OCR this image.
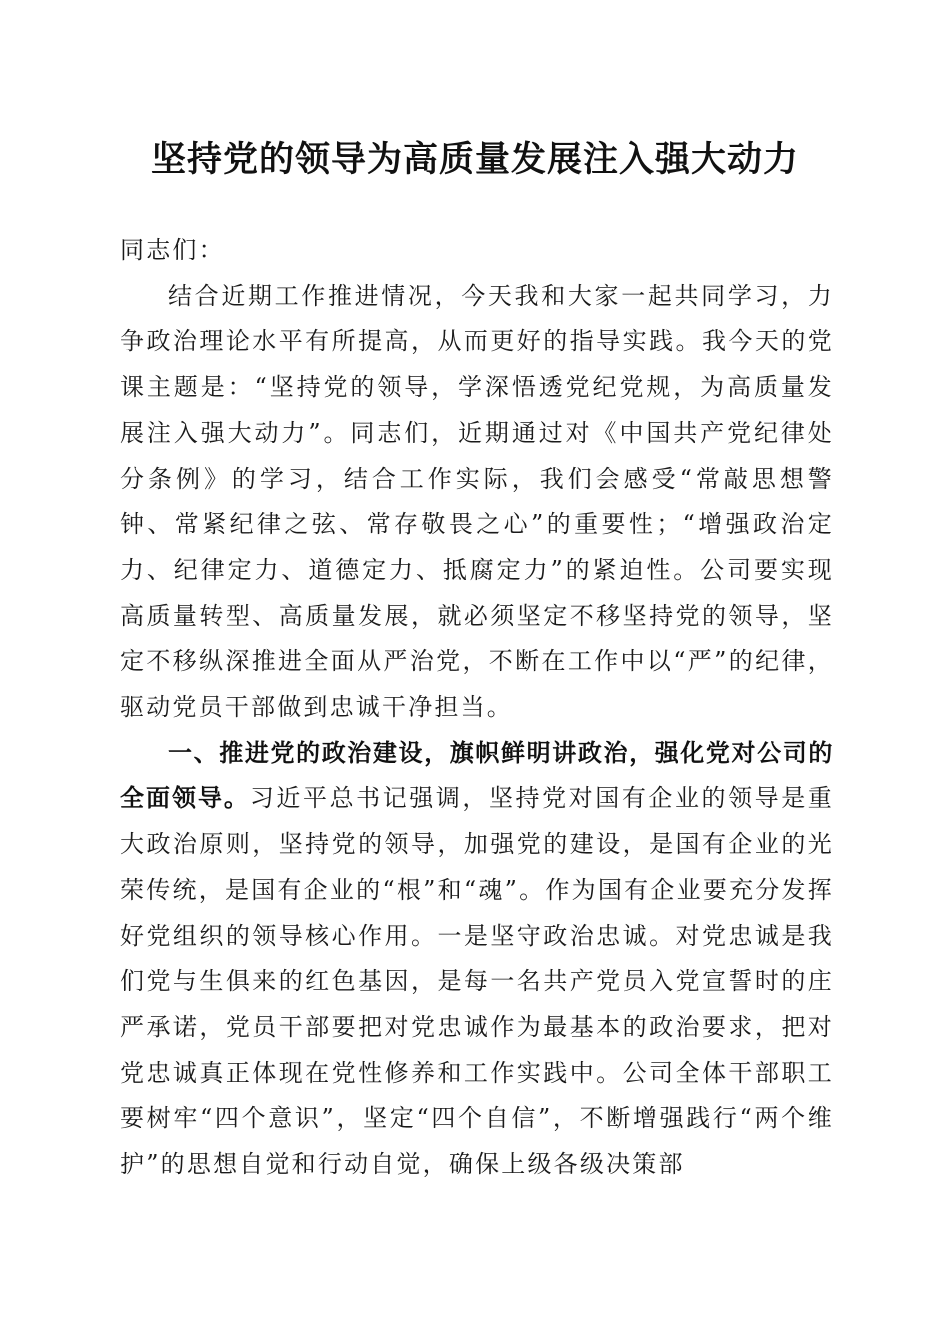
坚持党的领导为高质量发展注入强大动力

同志们：

结合近期工作推进情况，今天我和大家一起共同学习，力争政治理论水平有所提高，从而更好的指导实践。我今天的党课主题是：“坚持党的领导，学深悟透党纪党规，为高质量发展注入强大动力”。同志们，近期通过对《中国共产党纪律处分条例》的学习，结合工作实际，我们会感受“常敲思想警钟、常紧纪律之弦、常存敬畏之心”的重要性；“增强政治定力、纪律定力、道德定力、抵腐定力”的紧迫性。公司要实现高质量转型、高质量发展，就必须坚定不移坚持党的领导，坚定不移纵深推进全面从严治党，不断在工作中以“严”的纪律，驱动党员干部做到忠诚干净担当。

一、推进党的政治建设，旗帜鲜明讲政治，强化党对公司的全面领导。习近平总书记强调，坚持党对国有企业的领导是重大政治原则，坚持党的领导，加强党的建设，是国有企业的光荣传统，是国有企业的“根”和“魂”。作为国有企业要充分发挥好党组织的领导核心作用。一是坚守政治忠诚。对党忠诚是我们党与生俱来的红色基因，是每一名共产党员入党宣誓时的庄严承诺，党员干部要把对党忠诚作为最基本的政治要求，把对党忠诚真正体现在党性修养和工作实践中。公司全体干部职工要树牢“四个意识”，坚定“四个自信”，不断增强践行“两个维护”的思想自觉和行动自觉，确保上级各级决策部
